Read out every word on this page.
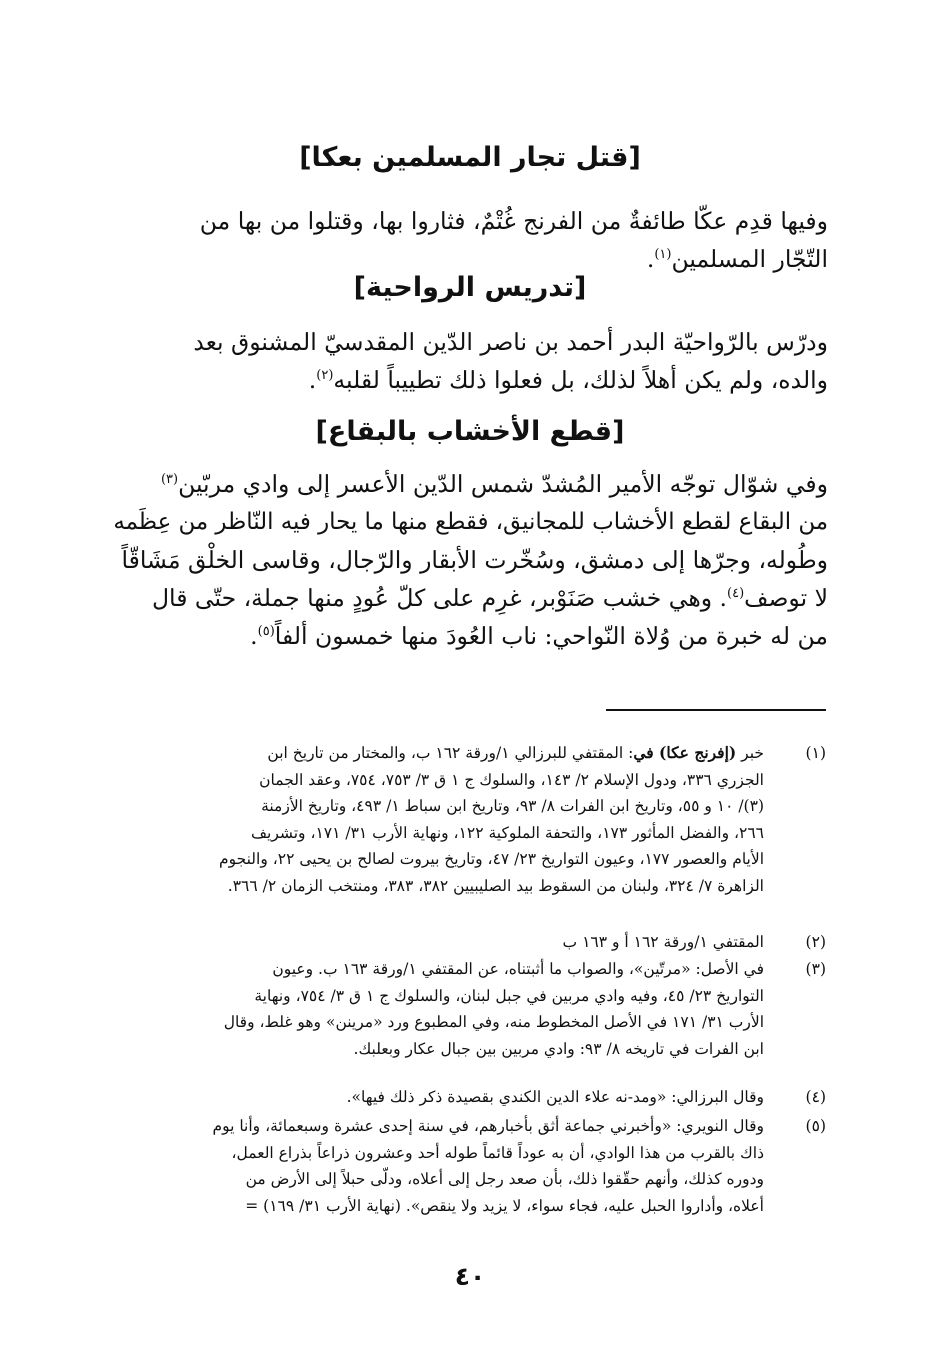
[قتل تجار المسلمين بعكا]
وفيها قدِم عكّا طائفةٌ من الفرنج غُتْمٌ، فثاروا بها، وقتلوا من بها من
التّجّار المسلمين$^{(١)}$.
[تدريس الرواحية]
ودرّس بالرّواحيّة البدر أحمد بن ناصر الدّين المقدسيّ المشنوق بعد
والده، ولم يكن أهلاً لذلك، بل فعلوا ذلك تطييباً لقلبه$^{(٢)}$.
[قطع الأخشاب بالبقاع]
وفي شوّال توجّه الأمير المُشدّ شمس الدّين الأعسر إلى وادي مربّين$^{(٣)}$
من البقاع لقطع الأخشاب للمجانيق، فقطع منها ما يحار فيه النّاظر من عِظَمه
وطُوله، وجرّها إلى دمشق، وسُخّرت الأبقار والرّجال، وقاسى الخلْق مَشَاقّاً
لا توصف$^{(٤)}$. وهي خشب صَنَوْبر، غرِم على كلّ عُودٍ منها جملة، حتّى قال
من له خبرة من وُلاة النّواحي: ناب العُودَ منها خمسون ألفاً$^{(٥)}$.
(١)
خبر (إفرنج عكا) في: المقتفي للبرزالي ١/ورقة ١٦٢ ب، والمختار من تاريخ ابن
الجزري ٣٣٦، ودول الإسلام ٢/ ١٤٣، والسلوك ج ١ ق ٣/ ٧٥٣، ٧٥٤، وعقد الجمان
(٣)/ ١٠ و ٥٥، وتاريخ ابن الفرات ٨/ ٩٣، وتاريخ ابن سباط ١/ ٤٩٣، وتاريخ الأزمنة
٢٦٦، والفضل المأثور ١٧٣، والتحفة الملوكية ١٢٢، ونهاية الأرب ٣١/ ١٧١، وتشريف
الأيام والعصور ١٧٧، وعيون التواريخ ٢٣/ ٤٧، وتاريخ بيروت لصالح بن يحيى ٢٢، والنجوم
الزاهرة ٧/ ٣٢٤، ولبنان من السقوط بيد الصليبيين ٣٨٢، ٣٨٣، ومنتخب الزمان ٢/ ٣٦٦.
(٢)
المقتفي ١/ورقة ١٦٢ أ و ١٦٣ ب
(٣)
في الأصل: «مرتّين»، والصواب ما أثبتناه، عن المقتفي ١/ورقة ١٦٣ ب. وعيون
التواريخ ٢٣/ ٤٥، وفيه وادي مربين في جبل لبنان، والسلوك ج ١ ق ٣/ ٧٥٤، ونهاية
الأرب ٣١/ ١٧١ في الأصل المخطوط منه، وفي المطبوع ورد «مرينن» وهو غلط، وقال
ابن الفرات في تاريخه ٨/ ٩٣: وادي مربين بين جبال عكار وبعلبك.
(٤)
وقال البرزالي: «ومد-نه علاء الدين الكندي بقصيدة ذكر ذلك فيها».
(٥)
وقال النويري: «وأخبرني جماعة أثق بأخبارهم، في سنة إحدى عشرة وسبعمائة، وأنا يوم
ذاك بالقرب من هذا الوادي، أن به عوداً قائماً طوله أحد وعشرون ذراعاً بذراع العمل،
ودوره كذلك، وأنهم حقّقوا ذلك، بأن صعد رجل إلى أعلاه، ودلّى حبلاً إلى الأرض من
أعلاه، وأداروا الحبل عليه، فجاء سواء، لا يزيد ولا ينقص». (نهاية الأرب ٣١/ ١٦٩) =
٤٠
